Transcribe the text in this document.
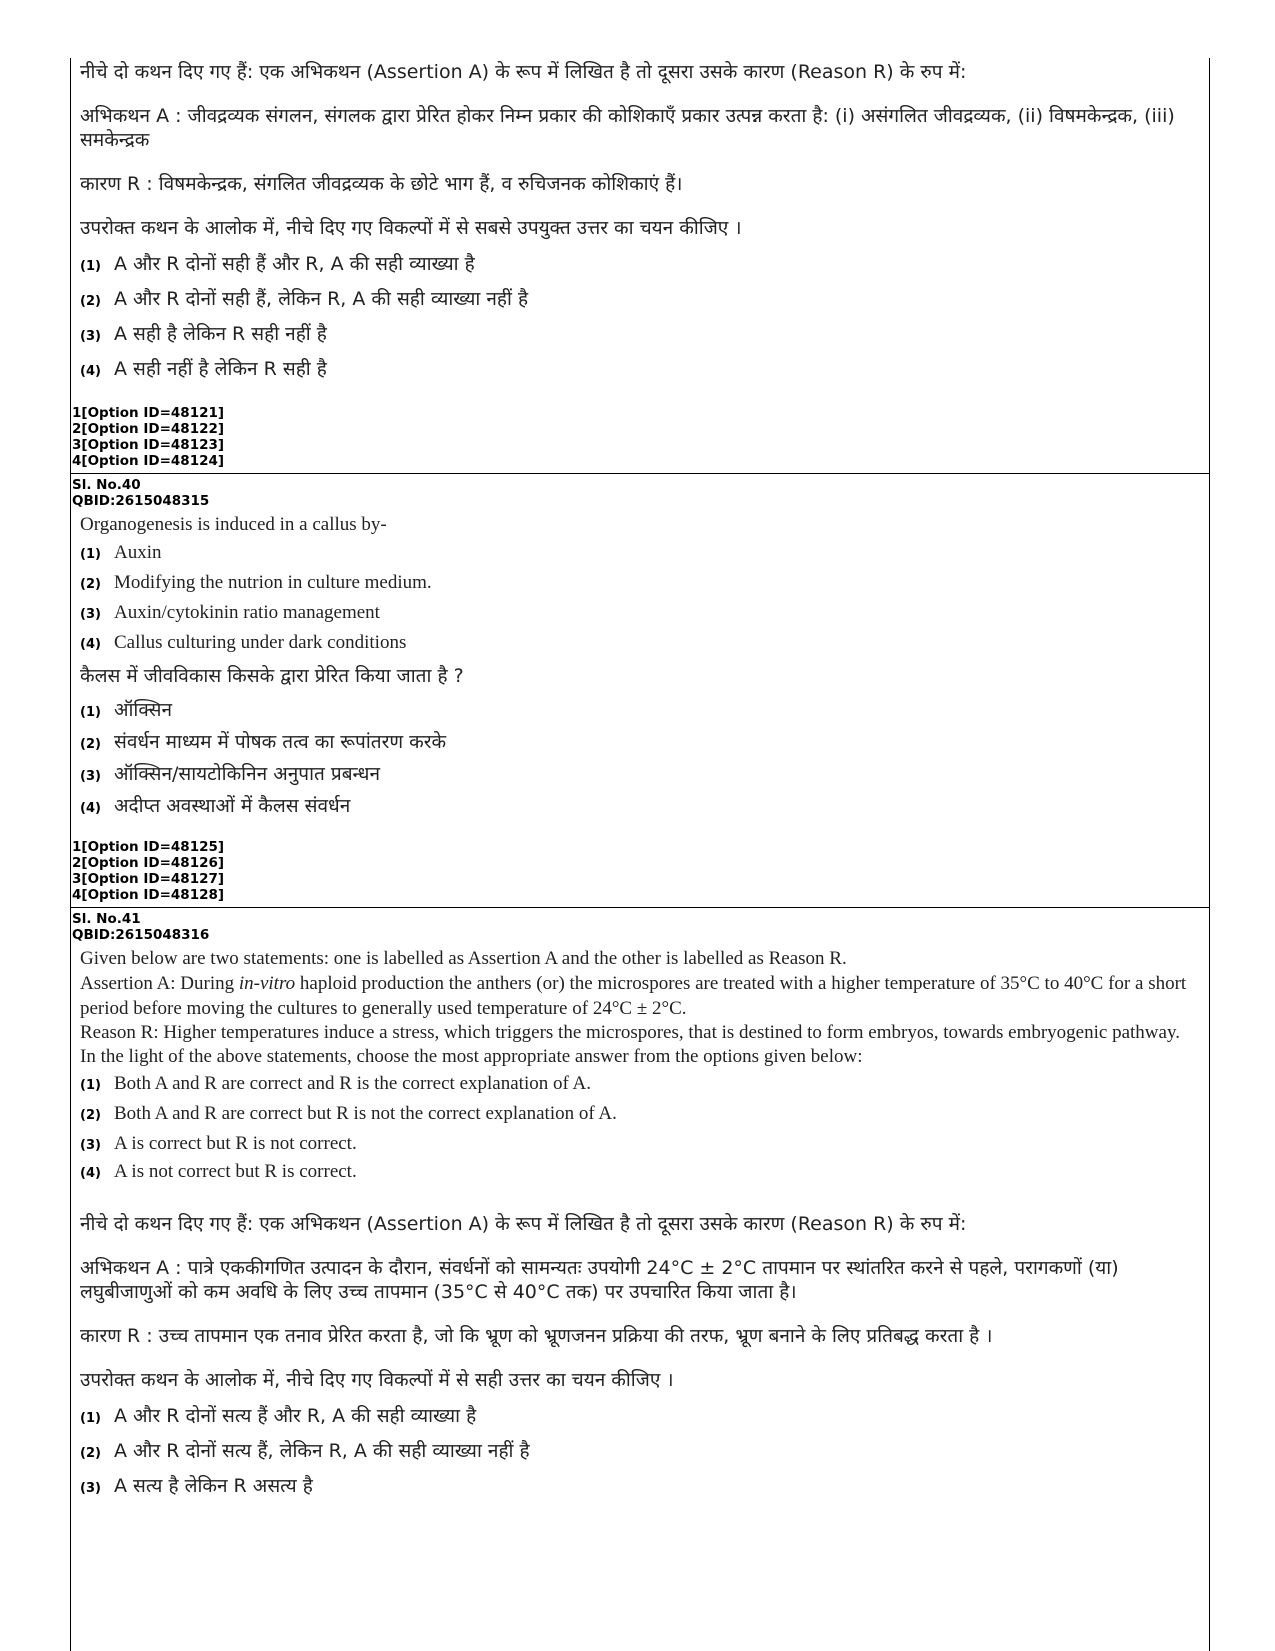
नीचे दो कथन दिए गए हैं: एक अभिकथन (Assertion A) के रूप में लिखित है तो दूसरा उसके कारण (Reason R) के रुप में:

अभिकथन A : जीवद्रव्यक संगलन, संगलक द्वारा प्रेरित होकर निम्न प्रकार की कोशिकाएँ प्रकार उत्पन्न करता है: (i) असंगलित जीवद्रव्यक, (ii) विषमकेन्द्रक, (iii) समकेन्द्रक

कारण R : विषमकेन्द्रक, संगलित जीवद्रव्यक के छोटे भाग हैं, व रुचिजनक कोशिकाएं हैं।

उपरोक्त कथन के आलोक में, नीचे दिए गए विकल्पों में से सबसे उपयुक्त उत्तर का चयन कीजिए ।

(1) A और R दोनों सही हैं और R, A की सही व्याख्या है
(2) A और R दोनों सही हैं, लेकिन R, A की सही व्याख्या नहीं है
(3) A सही है लेकिन R सही नहीं है
(4) A सही नहीं है लेकिन R सही है

1[Option ID=48121]

2[Option ID=48122]

3[Option ID=48123]

4[Option ID=48124]

Sl. No.40

QBID:2615048315

Organogenesis is induced in a callus by-

(1) Auxin
(2) Modifying the nutrion in culture medium.
(3) Auxin/cytokinin ratio management
(4) Callus culturing under dark conditions

कैलस में जीवविकास किसके द्वारा प्रेरित किया जाता है ?

(1) ऑक्सिन
(2) संवर्धन माध्यम में पोषक तत्व का रूपांतरण करके
(3) ऑक्सिन/सायटोकिनिन अनुपात प्रबन्धन
(4) अदीप्त अवस्थाओं में कैलस संवर्धन

1[Option ID=48125]

2[Option ID=48126]

3[Option ID=48127]

4[Option ID=48128]

Sl. No.41

QBID:2615048316

Given below are two statements: one is labelled as Assertion A and the other is labelled as Reason R.

Assertion A: During in-vitro haploid production the anthers (or) the microspores are treated with a higher temperature of 35°C to 40°C for a short period before moving the cultures to generally used temperature of 24°C ± 2°C.

Reason R: Higher temperatures induce a stress, which triggers the microspores, that is destined to form embryos, towards embryogenic pathway.

In the light of the above statements, choose the most appropriate answer from the options given below:

(1) Both A and R are correct and R is the correct explanation of A.
(2) Both A and R are correct but R is not the correct explanation of A.
(3) A is correct but R is not correct.
(4) A is not correct but R is correct.

नीचे दो कथन दिए गए हैं: एक अभिकथन (Assertion A) के रूप में लिखित है तो दूसरा उसके कारण (Reason R) के रुप में:

अभिकथन A : पात्रे एककीगणित उत्पादन के दौरान, संवर्धनों को सामन्यतः उपयोगी 24°C ± 2°C तापमान पर स्थांतरित करने से पहले, परागकणों (या) लघुबीजाणुओं को कम अवधि के लिए उच्च तापमान (35°C से 40°C तक) पर उपचारित किया जाता है।

कारण R : उच्च तापमान एक तनाव प्रेरित करता है, जो कि भ्रूण को भ्रूणजनन प्रक्रिया की तरफ, भ्रूण बनाने के लिए प्रतिबद्ध करता है ।

उपरोक्त कथन के आलोक में, नीचे दिए गए विकल्पों में से सही उत्तर का चयन कीजिए ।

(1) A और R दोनों सत्य हैं और R, A की सही व्याख्या है
(2) A और R दोनों सत्य हैं, लेकिन R, A की सही व्याख्या नहीं है
(3) A सत्य है लेकिन R असत्य है
